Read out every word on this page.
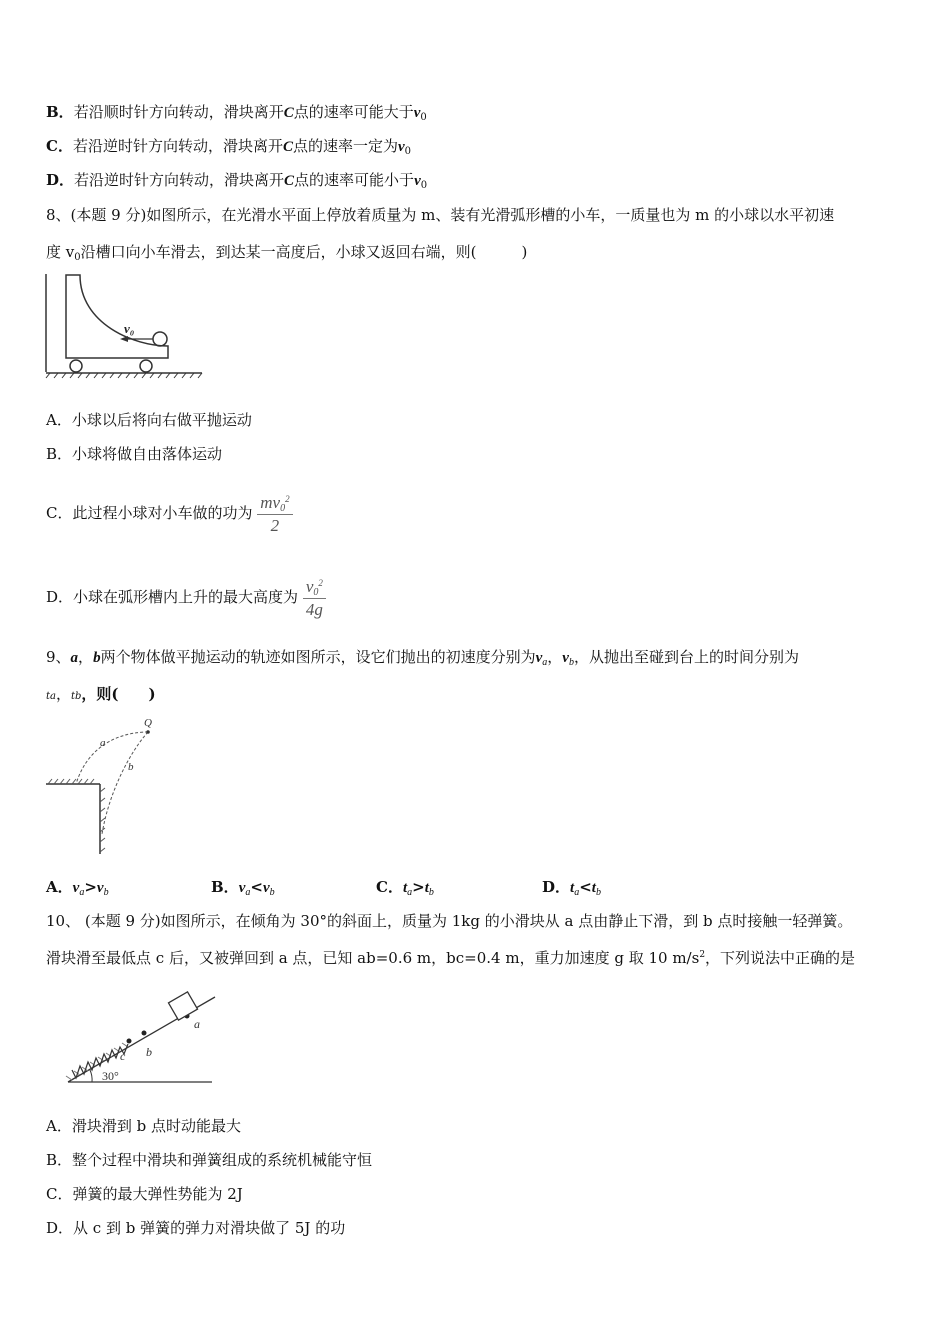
B．若沿顺时针方向转动，滑块离开C点的速率可能大于$v_0$
C．若沿逆时针方向转动，滑块离开C点的速率一定为$v_0$
D．若沿逆时针方向转动，滑块离开C点的速率可能小于$v_0$
8、(本题 9 分)如图所示，在光滑水平面上停放着质量为 m、装有光滑弧形槽的小车，一质量也为 m 的小球以水平初速
度 $v_0$沿槽口向小车滑去，到达某一高度后，小球又返回右端，则(　　　)
v₀
A．小球以后将向右做平抛运动
B．小球将做自由落体运动
C．此过程小球对小车做的功为 $\frac{mv_0^2}{2}$
D．小球在弧形槽内上升的最大高度为 $\frac{v_0^2}{4g}$
9、a，b两个物体做平抛运动的轨迹如图所示，设它们抛出的初速度分别为$v_a$，$v_b$，从抛出至碰到台上的时间分别为
ta，tb，则(　　)
Q
a
b
A．$v_a>v_b$	B．$v_a<v_b$	C．$t_a>t_b$	D．$t_a<t_b$
10、 (本题 9 分)如图所示，在倾角为 30°的斜面上，质量为 1kg 的小滑块从 a 点由静止下滑，到 b 点时接触一轻弹簧。
滑块滑至最低点 c 后，又被弹回到 a 点，已知 ab=0.6 m，bc=0.4 m，重力加速度 g 取 10 $m/s^2$，下列说法中正确的是
c b
a
30°
A．滑块滑到 b 点时动能最大
B．整个过程中滑块和弹簧组成的系统机械能守恒
C．弹簧的最大弹性势能为 2J
D．从 c 到 b 弹簧的弹力对滑块做了 5J 的功
